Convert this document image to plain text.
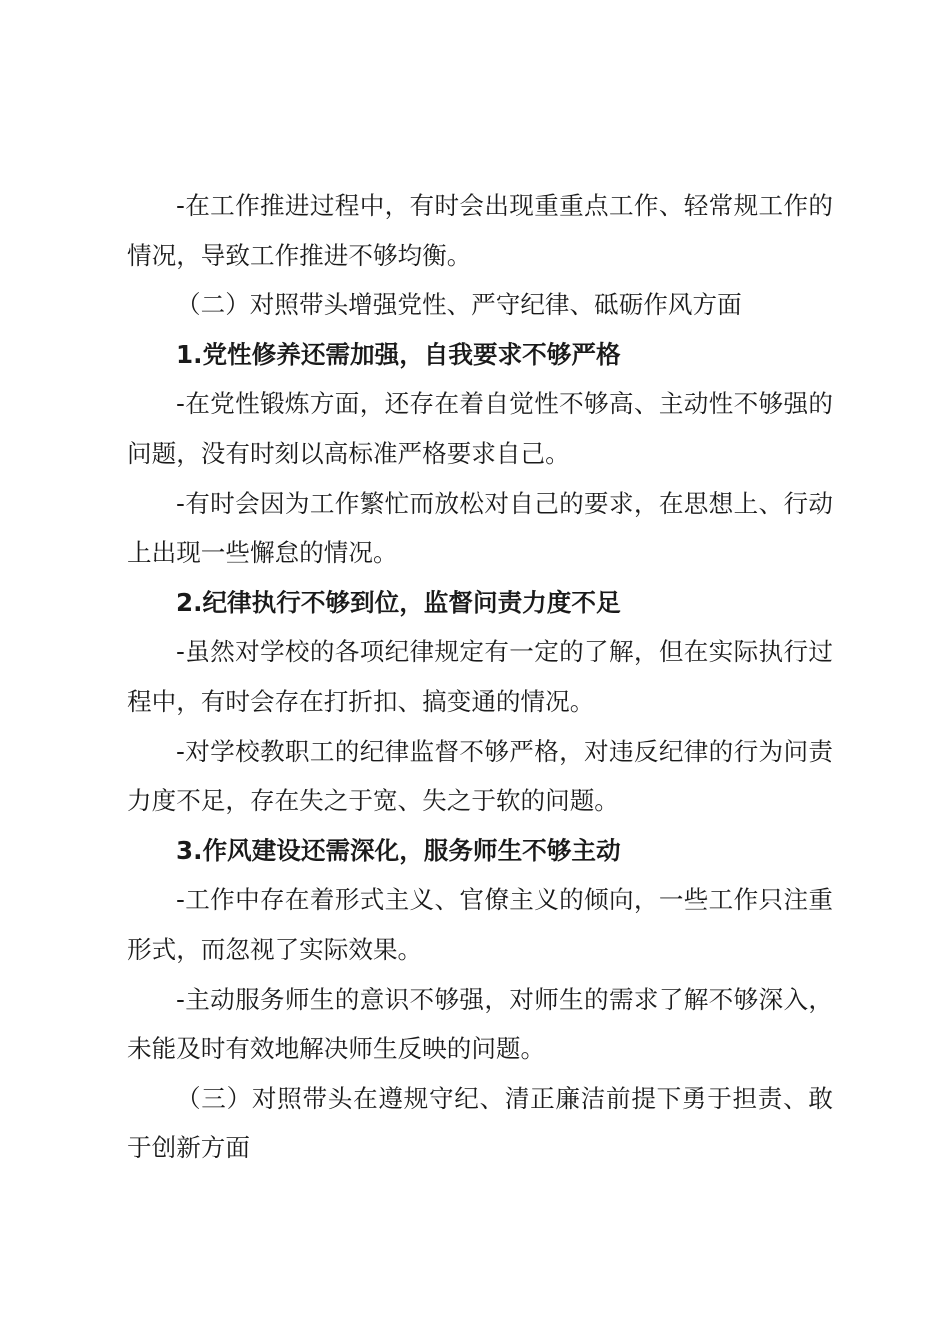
-在工作推进过程中，有时会出现重重点工作、轻常规工作的情况，导致工作推进不够均衡。

（二）对照带头增强党性、严守纪律、砥砺作风方面

1.党性修养还需加强，自我要求不够严格

-在党性锻炼方面，还存在着自觉性不够高、主动性不够强的问题，没有时刻以高标准严格要求自己。

-有时会因为工作繁忙而放松对自己的要求，在思想上、行动上出现一些懈怠的情况。

2.纪律执行不够到位，监督问责力度不足

-虽然对学校的各项纪律规定有一定的了解，但在实际执行过程中，有时会存在打折扣、搞变通的情况。

-对学校教职工的纪律监督不够严格，对违反纪律的行为问责力度不足，存在失之于宽、失之于软的问题。

3.作风建设还需深化，服务师生不够主动

-工作中存在着形式主义、官僚主义的倾向，一些工作只注重形式，而忽视了实际效果。

-主动服务师生的意识不够强，对师生的需求了解不够深入，未能及时有效地解决师生反映的问题。

（三）对照带头在遵规守纪、清正廉洁前提下勇于担责、敢于创新方面
